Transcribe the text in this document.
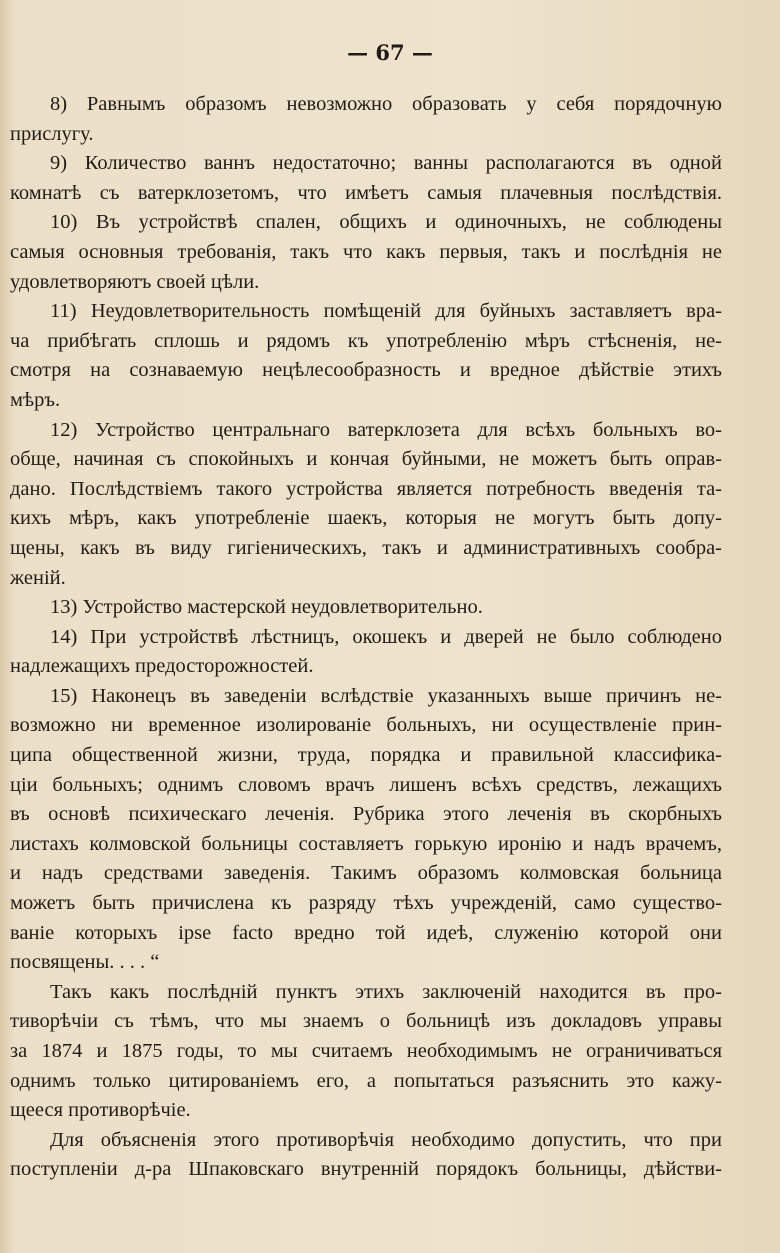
— 67 —
8) Равнымъ образомъ невозможно образовать у себя порядочную
прислугу.
9) Количество ваннъ недостаточно; ванны располагаются въ одной
комнатѣ съ ватерклозетомъ, что имѣетъ самыя плачевныя послѣдствія.
10) Въ устройствѣ спален, общихъ и одиночныхъ, не соблюдены
самыя основныя требованія, такъ что какъ первыя, такъ и послѣднія не
удовлетворяютъ своей цѣли.
11) Неудовлетворительность помѣщеній для буйныхъ заставляетъ вра-
ча прибѣгать сплошь и рядомъ къ употребленію мѣръ стѣсненія, не-
смотря на сознаваемую нецѣлесообразность и вредное дѣйствіе этихъ
мѣръ.
12) Устройство центральнаго ватерклозета для всѣхъ больныхъ во-
обще, начиная съ спокойныхъ и кончая буйными, не можетъ быть оправ-
дано. Послѣдствіемъ такого устройства является потребность введенія та-
кихъ мѣръ, какъ употребленіе шаекъ, которыя не могутъ быть допу-
щены, какъ въ виду гигіеническихъ, такъ и административныхъ сообра-
женій.
13) Устройство мастерской неудовлетворительно.
14) При устройствѣ лѣстницъ, окошекъ и дверей не было соблюдено
надлежащихъ предосторожностей.
15) Наконецъ въ заведеніи вслѣдствіе указанныхъ выше причинъ не-
возможно ни временное изолированіе больныхъ, ни осуществленіе прин-
ципа общественной жизни, труда, порядка и правильной классифика-
ціи больныхъ; однимъ словомъ врачъ лишенъ всѣхъ средствъ, лежащихъ
въ основѣ психическаго леченія. Рубрика этого леченія въ скорбныхъ
листахъ колмовской больницы составляетъ горькую иронію и надъ врачемъ,
и надъ средствами заведенія. Такимъ образомъ колмовская больница
можетъ быть причислена къ разряду тѣхъ учрежденій, само существо-
ваніе которыхъ ipse facto вредно той идеѣ, служенію которой они
посвящены. . . . “
Такъ какъ послѣдній пунктъ этихъ заключеній находится въ про-
тиворѣчіи съ тѣмъ, что мы знаемъ о больницѣ изъ докладовъ управы
за 1874 и 1875 годы, то мы считаемъ необходимымъ не ограничиваться
однимъ только цитированіемъ его, а попытаться разъяснить это кажу-
щееся противорѣчіе.
Для объясненія этого противорѣчія необходимо допустить, что при
поступленіи д-ра Шпаковскаго внутренній порядокъ больницы, дѣйстви-
